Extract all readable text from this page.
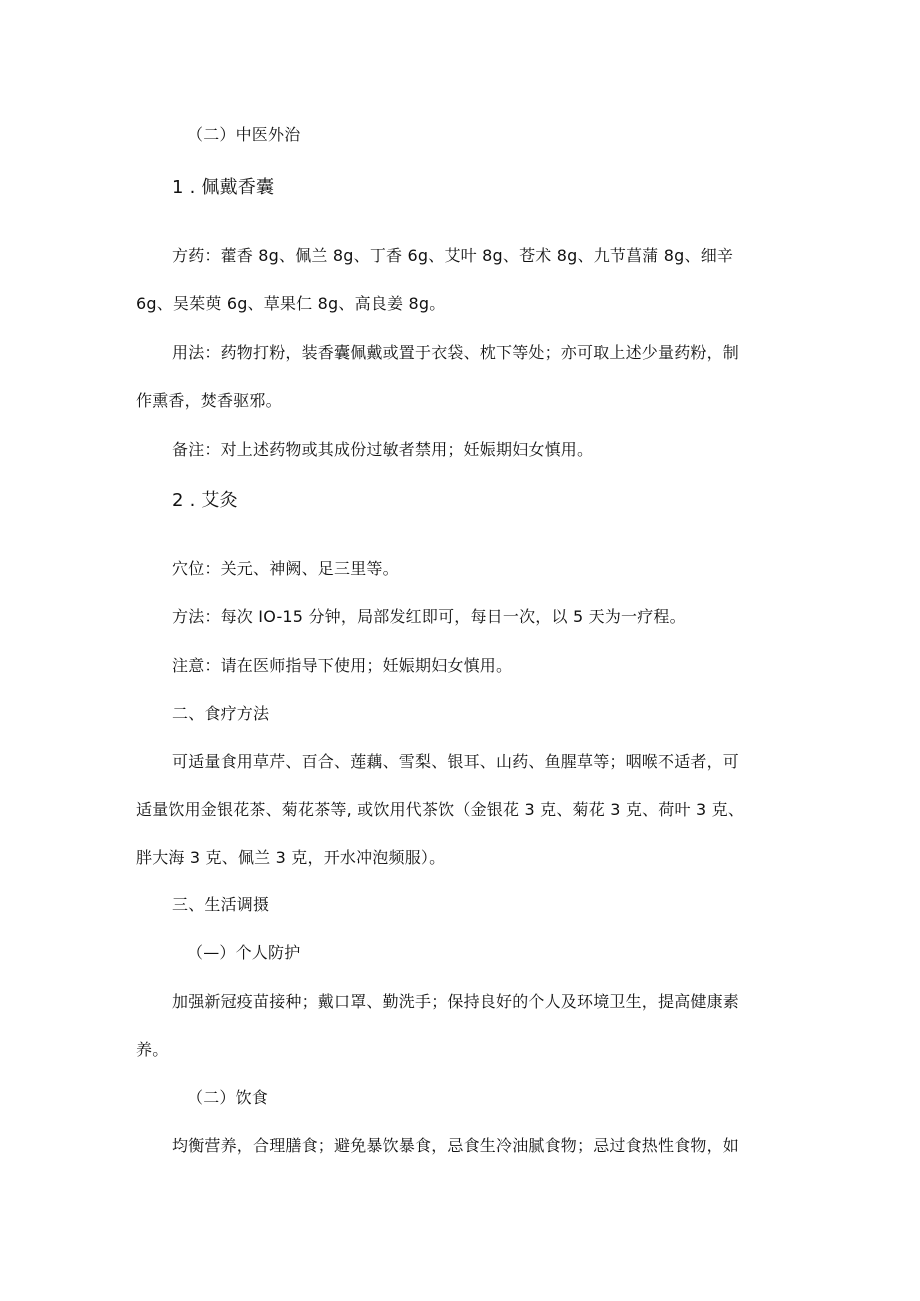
（二）中医外治
1 . 佩戴香囊
方药：藿香 8g、佩兰 8g、丁香 6g、艾叶 8g、苍术 8g、九节菖蒲 8g、细辛
6g、吴茱萸 6g、草果仁 8g、高良姜 8g。
用法：药物打粉，装香囊佩戴或置于衣袋、枕下等处；亦可取上述少量药粉，制
作熏香，焚香驱邪。
备注：对上述药物或其成份过敏者禁用；妊娠期妇女慎用。
2 . 艾灸
穴位：关元、神阙、足三里等。
方法：每次 IO-15 分钟，局部发红即可，每日一次，以 5 天为一疗程。
注意：请在医师指导下使用；妊娠期妇女慎用。
二、食疗方法
可适量食用草芹、百合、莲藕、雪梨、银耳、山药、鱼腥草等；咽喉不适者，可
适量饮用金银花茶、菊花茶等, 或饮用代茶饮（金银花 3 克、菊花 3 克、荷叶 3 克、
胖大海 3 克、佩兰 3 克，开水冲泡频服）。
三、生活调摄
（—）个人防护
加强新冠疫苗接种；戴口罩、勤洗手；保持良好的个人及环境卫生，提高健康素
养。
（二）饮食
均衡营养，合理膳食；避免暴饮暴食，忌食生冷油腻食物；忌过食热性食物，如
